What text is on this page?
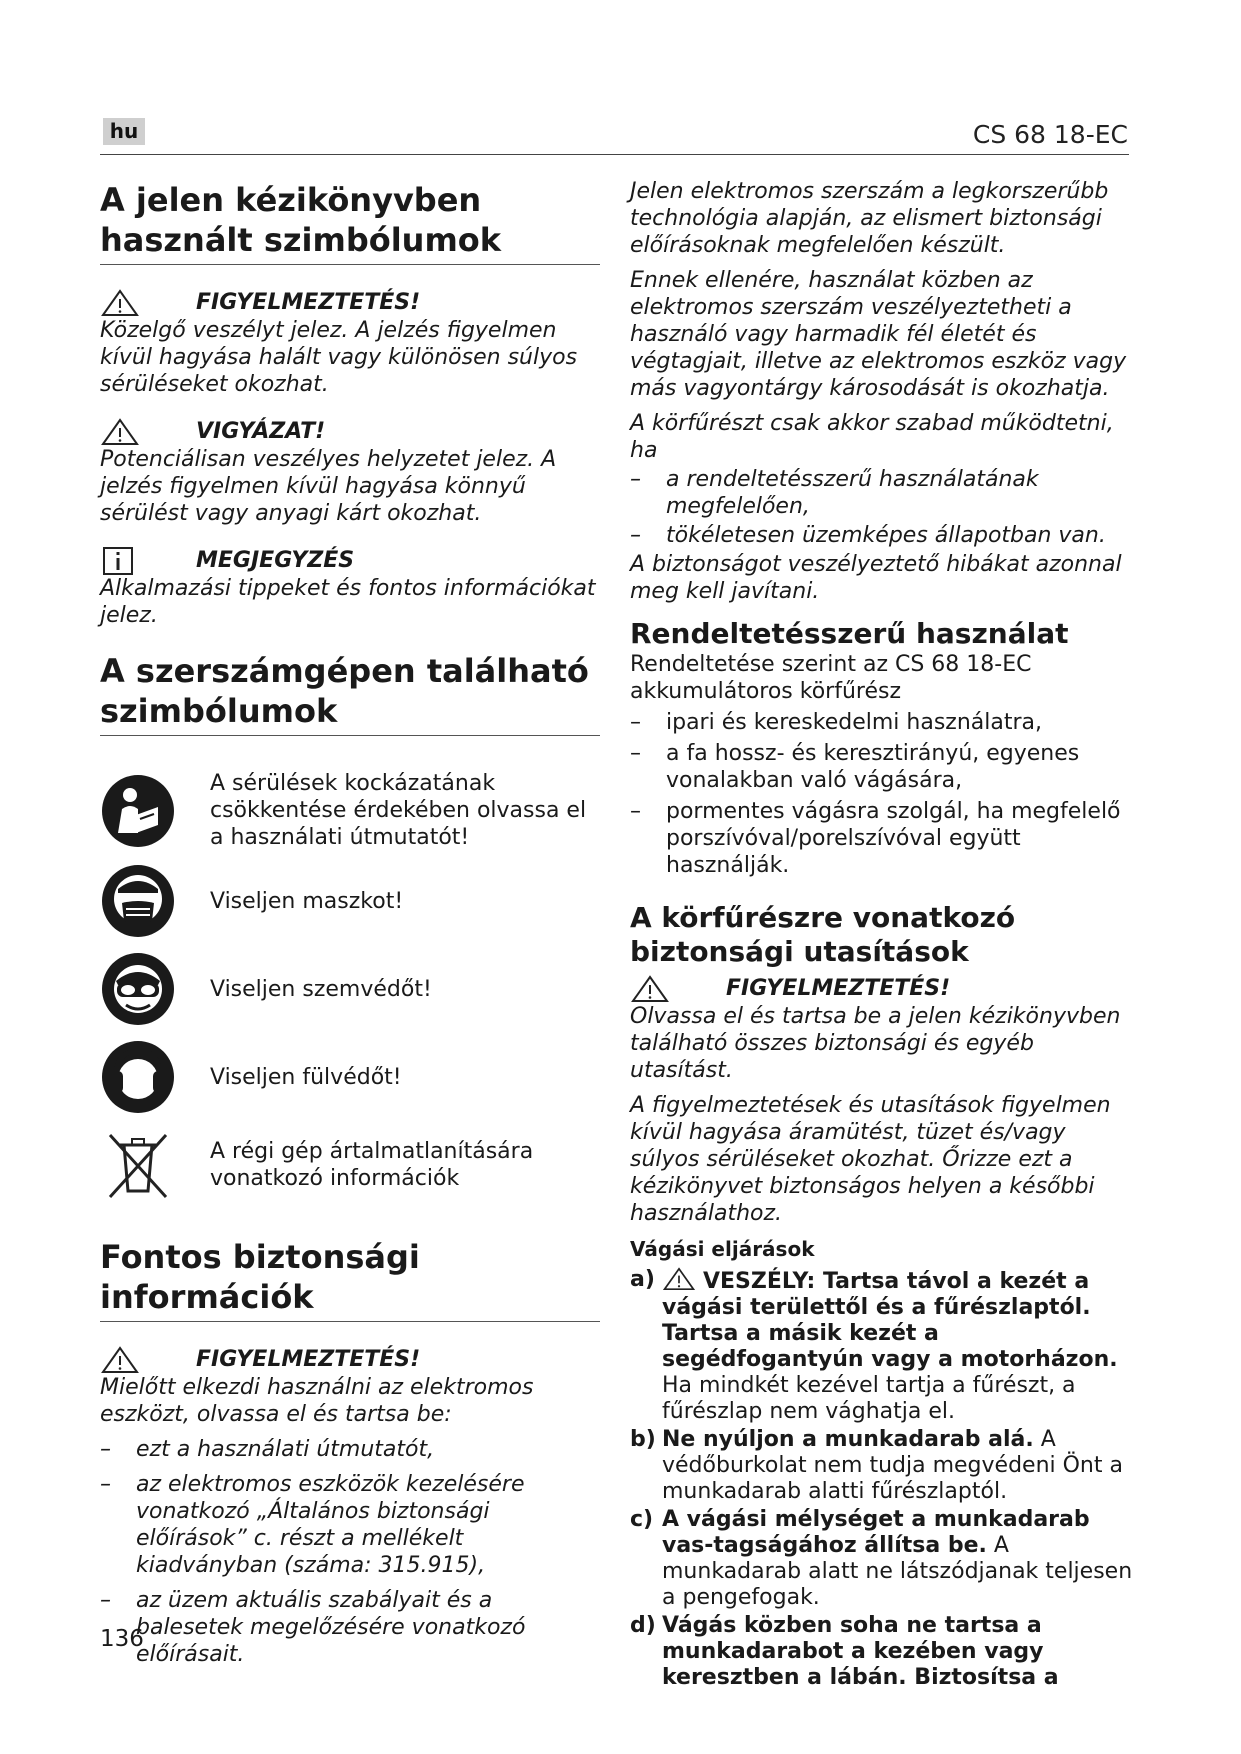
hu	CS 68 18-EC
A jelen kézikönyvben használt szimbólumok
FIGYELMEZTETÉS!
Közelgő veszélyt jelez. A jelzés figyelmen kívül hagyása halált vagy különösen súlyos sérüléseket okozhat.
VIGYÁZAT!
Potenciálisan veszélyes helyzetet jelez. A jelzés figyelmen kívül hagyása könnyű sérülést vagy anyagi kárt okozhat.
MEGJEGYZÉS
Alkalmazási tippeket és fontos információkat jelez.
A szerszámgépen található szimbólumok
A sérülések kockázatának csökkentése érdekében olvassa el a használati útmutatót!
Viseljen maszkot!
Viseljen szemvédőt!
Viseljen fülvédőt!
A régi gép ártalmatlanítására vonatkozó információk
Fontos biztonsági információk
FIGYELMEZTETÉS!
Mielőtt elkezdi használni az elektromos eszközt, olvassa el és tartsa be:
–	ezt a használati útmutatót,
–	az elektromos eszközök kezelésére vonatkozó „Általános biztonsági előírások” c. részt a mellékelt kiadványban (száma: 315.915),
–	az üzem aktuális szabályait és a balesetek megelőzésére vonatkozó előírásait.
Jelen elektromos szerszám a legkorszerűbb technológia alapján, az elismert biztonsági előírásoknak megfelelően készült.
Ennek ellenére, használat közben az elektromos szerszám veszélyeztetheti a használó vagy harmadik fél életét és végtagjait, illetve az elektromos eszköz vagy más vagyontárgy károsodását is okozhatja.
A körfűrészt csak akkor szabad működtetni, ha
–	a rendeltetésszerű használatának megfelelően,
–	tökéletesen üzemképes állapotban van.
A biztonságot veszélyeztető hibákat azonnal meg kell javítani.
Rendeltetésszerű használat
Rendeltetése szerint az CS 68 18-EC akkumulátoros körfűrész
–	ipari és kereskedelmi használatra,
–	a fa hossz- és keresztirányú, egyenes vonalakban való vágására,
–	pormentes vágásra szolgál, ha megfelelő porszívóval/porelszívóval együtt használják.
A körfűrészre vonatkozó biztonsági utasítások
FIGYELMEZTETÉS!
Olvassa el és tartsa be a jelen kézikönyvben található összes biztonsági és egyéb utasítást.
A figyelmeztetések és utasítások figyelmen kívül hagyása áramütést, tüzet és/vagy súlyos sérüléseket okozhat. Őrizze ezt a kézikönyvet biztonságos helyen a későbbi használathoz.
Vágási eljárások
a)	VESZÉLY: Tartsa távol a kezét a vágási területtől és a fűrészlaptól. Tartsa a másik kezét a segédfogantyún vagy a motorházon. Ha mindkét kezével tartja a fűrészt, a fűrészlap nem vághatja el.
b) Ne nyúljon a munkadarab alá. A védőburkolat nem tudja megvédeni Önt a munkadarab alatti fűrészlaptól.
c) A vágási mélységet a munkadarab vas-tagságához állítsa be. A munkadarab alatt ne látszódjanak teljesen a pengefogak.
d) Vágás közben soha ne tartsa a munkadarabot a kezében vagy keresztben a lábán. Biztosítsa a
136
